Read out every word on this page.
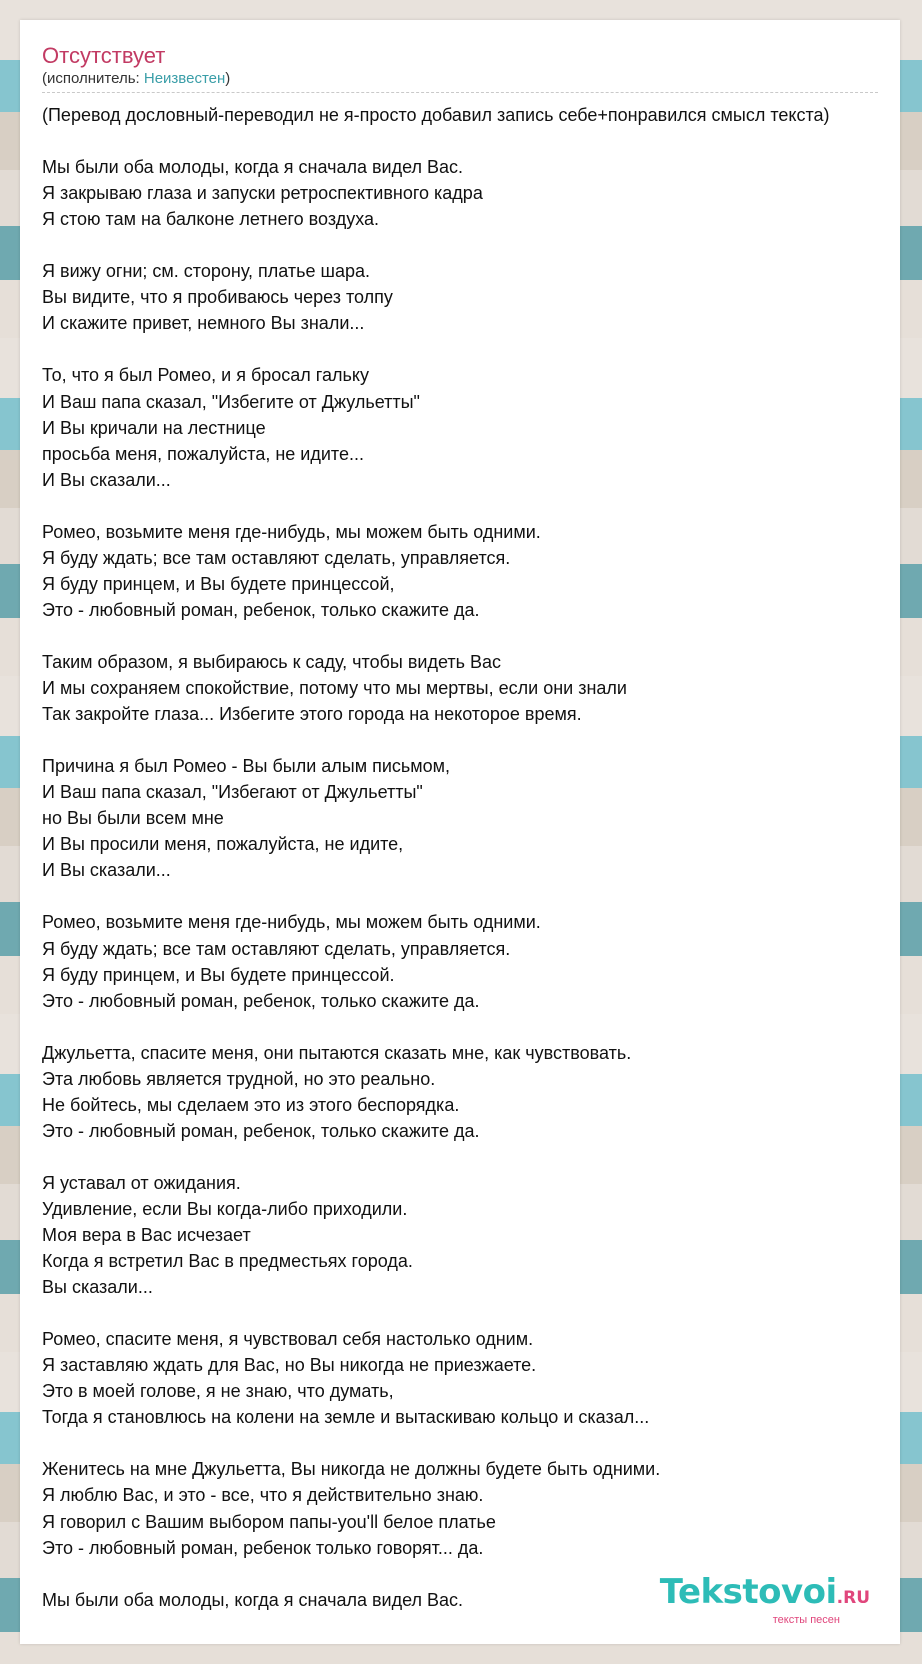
Отсутствует
(исполнитель: Неизвестен)
(Перевод дословный-переводил не я-просто добавил запись себе+понравился смысл текста)

Мы были оба молоды, когда я сначала видел Вас.
Я закрываю глаза и запуски ретроспективного кадра
Я стою там на балконе летнего воздуха.

Я вижу огни; см. сторону, платье шара.
Вы видите, что я пробиваюсь через толпу
И скажите привет, немного Вы знали...

То, что я был Ромео, и я бросал гальку
И Ваш папа сказал, "Избегите от Джульетты"
И Вы кричали на лестнице
просьба меня, пожалуйста, не идите...
И Вы сказали...

Ромео, возьмите меня где-нибудь, мы можем быть одними.
Я буду ждать; все там оставляют сделать, управляется.
Я буду принцем, и Вы будете принцессой,
Это - любовный роман, ребенок, только скажите да.

Таким образом, я выбираюсь к саду, чтобы видеть Вас
И мы сохраняем спокойствие, потому что мы мертвы, если они знали
Так закройте глаза... Избегите этого города на некоторое время.

Причина я был Ромео - Вы были алым письмом,
И Ваш папа сказал, "Избегают от Джульетты"
но Вы были всем мне
И Вы просили меня, пожалуйста, не идите,
И Вы сказали...

Ромео, возьмите меня где-нибудь, мы можем быть одними.
Я буду ждать; все там оставляют сделать, управляется.
Я буду принцем, и Вы будете принцессой.
Это - любовный роман, ребенок, только скажите да.

Джульетта, спасите меня, они пытаются сказать мне, как чувствовать.
Эта любовь является трудной, но это реально.
Не бойтесь, мы сделаем это из этого беспорядка.
Это - любовный роман, ребенок, только скажите да.

Я уставал от ожидания.
Удивление, если Вы когда-либо приходили.
Моя вера в Вас исчезает
Когда я встретил Вас в предместьях города.
Вы сказали...

Ромео, спасите меня, я чувствовал себя настолько одним.
Я заставляю ждать для Вас, но Вы никогда не приезжаете.
Это в моей голове, я не знаю, что думать,
Тогда я становлюсь на колени на земле и вытаскиваю кольцо и сказал...

Женитесь на мне Джульетта, Вы никогда не должны будете быть одними.
Я люблю Вас, и это - все, что я действительно знаю.
Я говорил с Вашим выбором папы-you'll белое платье
Это - любовный роман, ребенок только говорят... да.

Мы были оба молоды, когда я сначала видел Вас.	Tekstovoi.RU
тексты песен
